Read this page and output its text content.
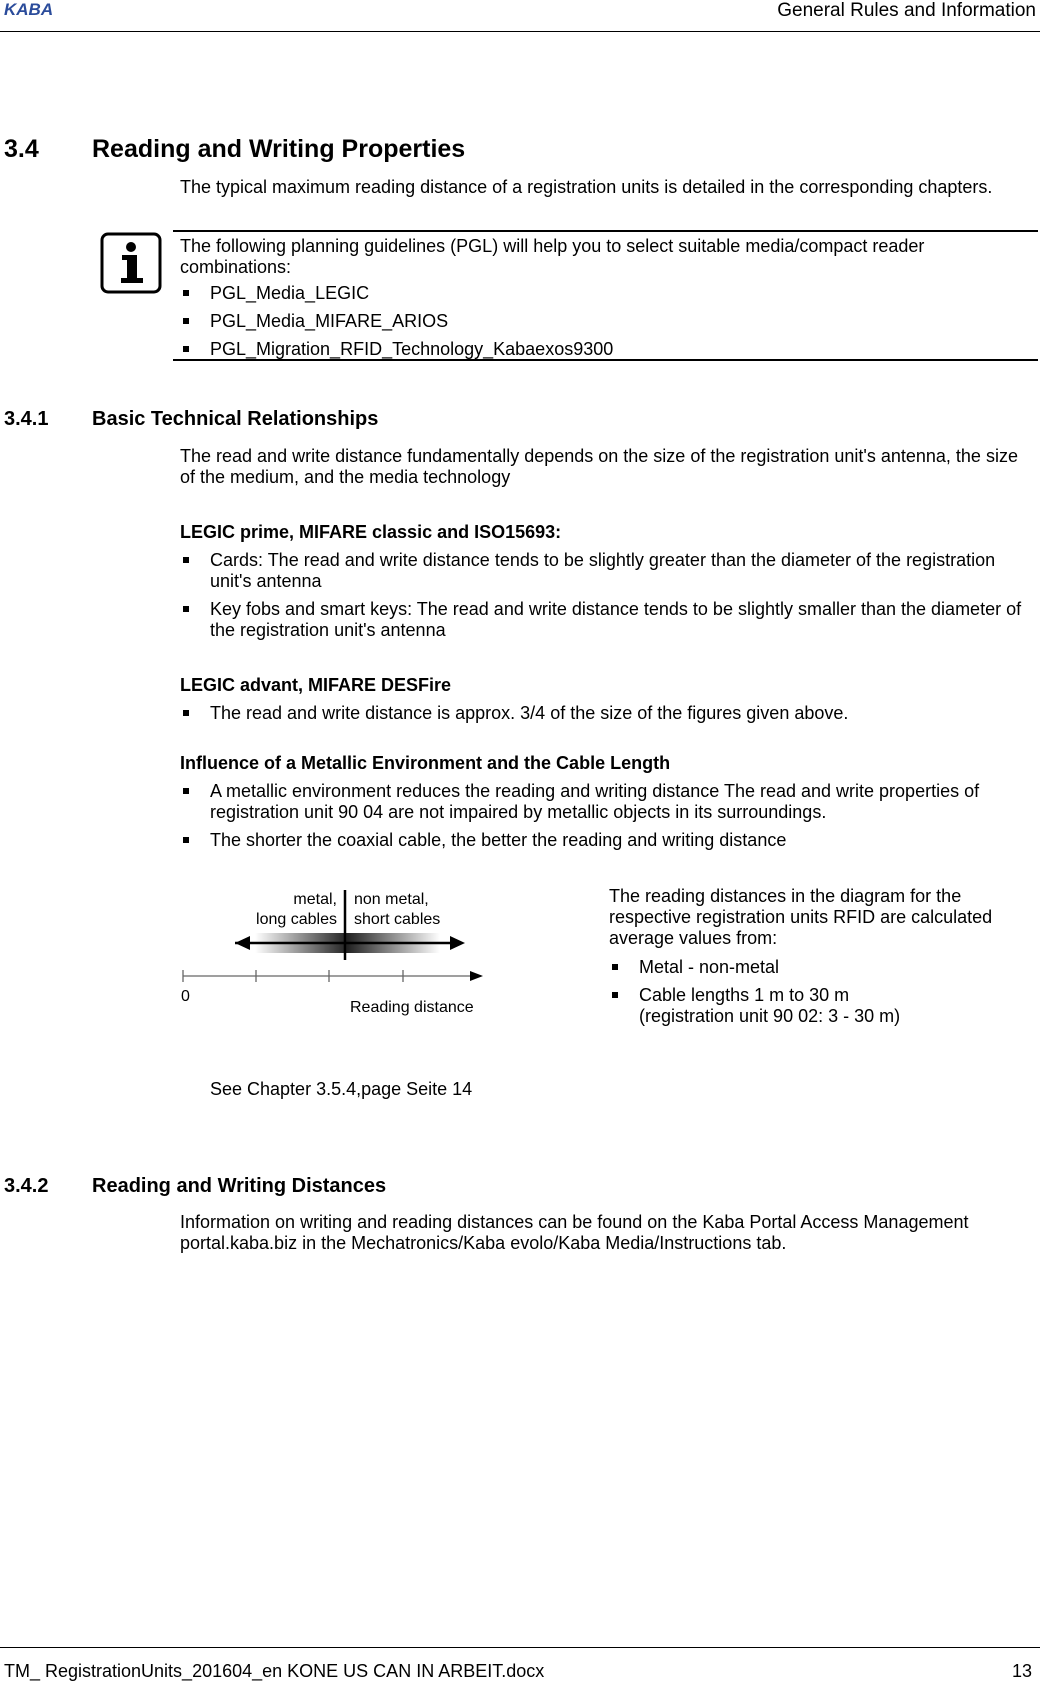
KABA	General Rules and Information
3.4 Reading and Writing Properties
The typical maximum reading distance of a registration units is detailed in the corresponding chapters.
The following planning guidelines (PGL) will help you to select suitable media/compact reader combinations:
PGL_Media_LEGIC
PGL_Media_MIFARE_ARIOS
PGL_Migration_RFID_Technology_Kabaexos9300
3.4.1 Basic Technical Relationships
The read and write distance fundamentally depends on the size of the registration unit's antenna, the size of the medium, and the media technology
LEGIC prime, MIFARE classic and ISO15693:
Cards: The read and write distance tends to be slightly greater than the diameter of the registration unit's antenna
Key fobs and smart keys: The read and write distance tends to be slightly smaller than the diameter of the registration unit's antenna
LEGIC advant, MIFARE DESFire
The read and write distance is approx. 3/4 of the size of the figures given above.
Influence of a Metallic Environment and the Cable Length
A metallic environment reduces the reading and writing distance The read and write properties of registration unit 90 04 are not impaired by metallic objects in its surroundings.
The shorter the coaxial cable, the better the reading and writing distance
metal,
long cables
non metal,
short cables
0
Reading distance
The reading distances in the diagram for the respective registration units RFID are calculated average values from:
Metal - non-metal
Cable lengths 1 m to 30 m
(registration unit 90 02: 3 - 30 m)
See Chapter 3.5.4,page Seite 14
3.4.2 Reading and Writing Distances
Information on writing and reading distances can be found on the Kaba Portal Access Management portal.kaba.biz in the Mechatronics/Kaba evolo/Kaba Media/Instructions tab.
TM_ RegistrationUnits_201604_en KONE US CAN IN ARBEIT.docx	13
